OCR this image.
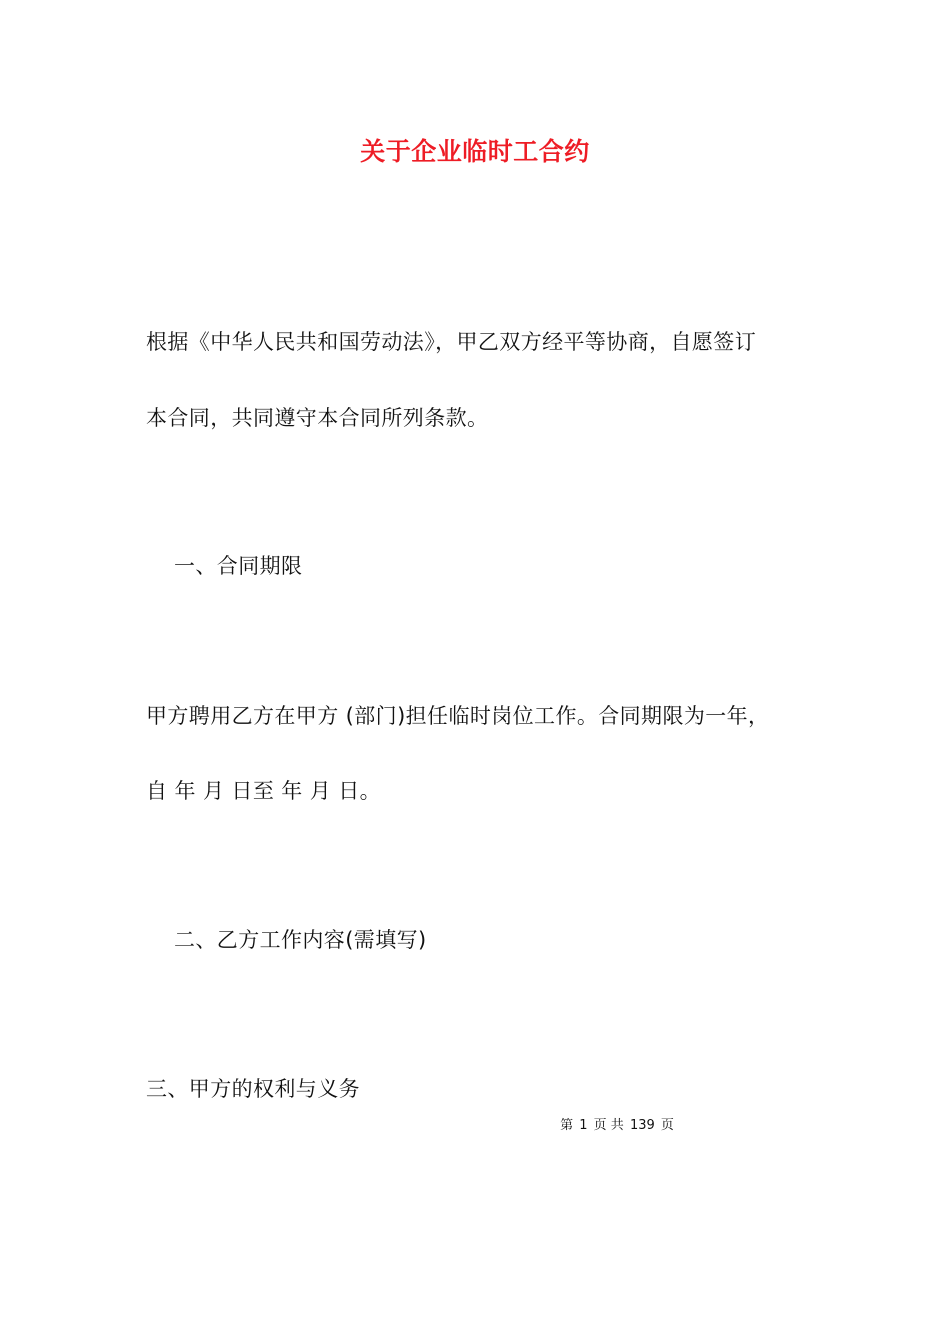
关于企业临时工合约
根据《中华人民共和国劳动法》，甲乙双方经平等协商，自愿签订
本合同，共同遵守本合同所列条款。
一、合同期限
甲方聘用乙方在甲方 (部门)担任临时岗位工作。合同期限为一年，
自 年 月 日至 年 月 日。
二、乙方工作内容(需填写)
三、甲方的权利与义务
第 1 页 共 139 页
